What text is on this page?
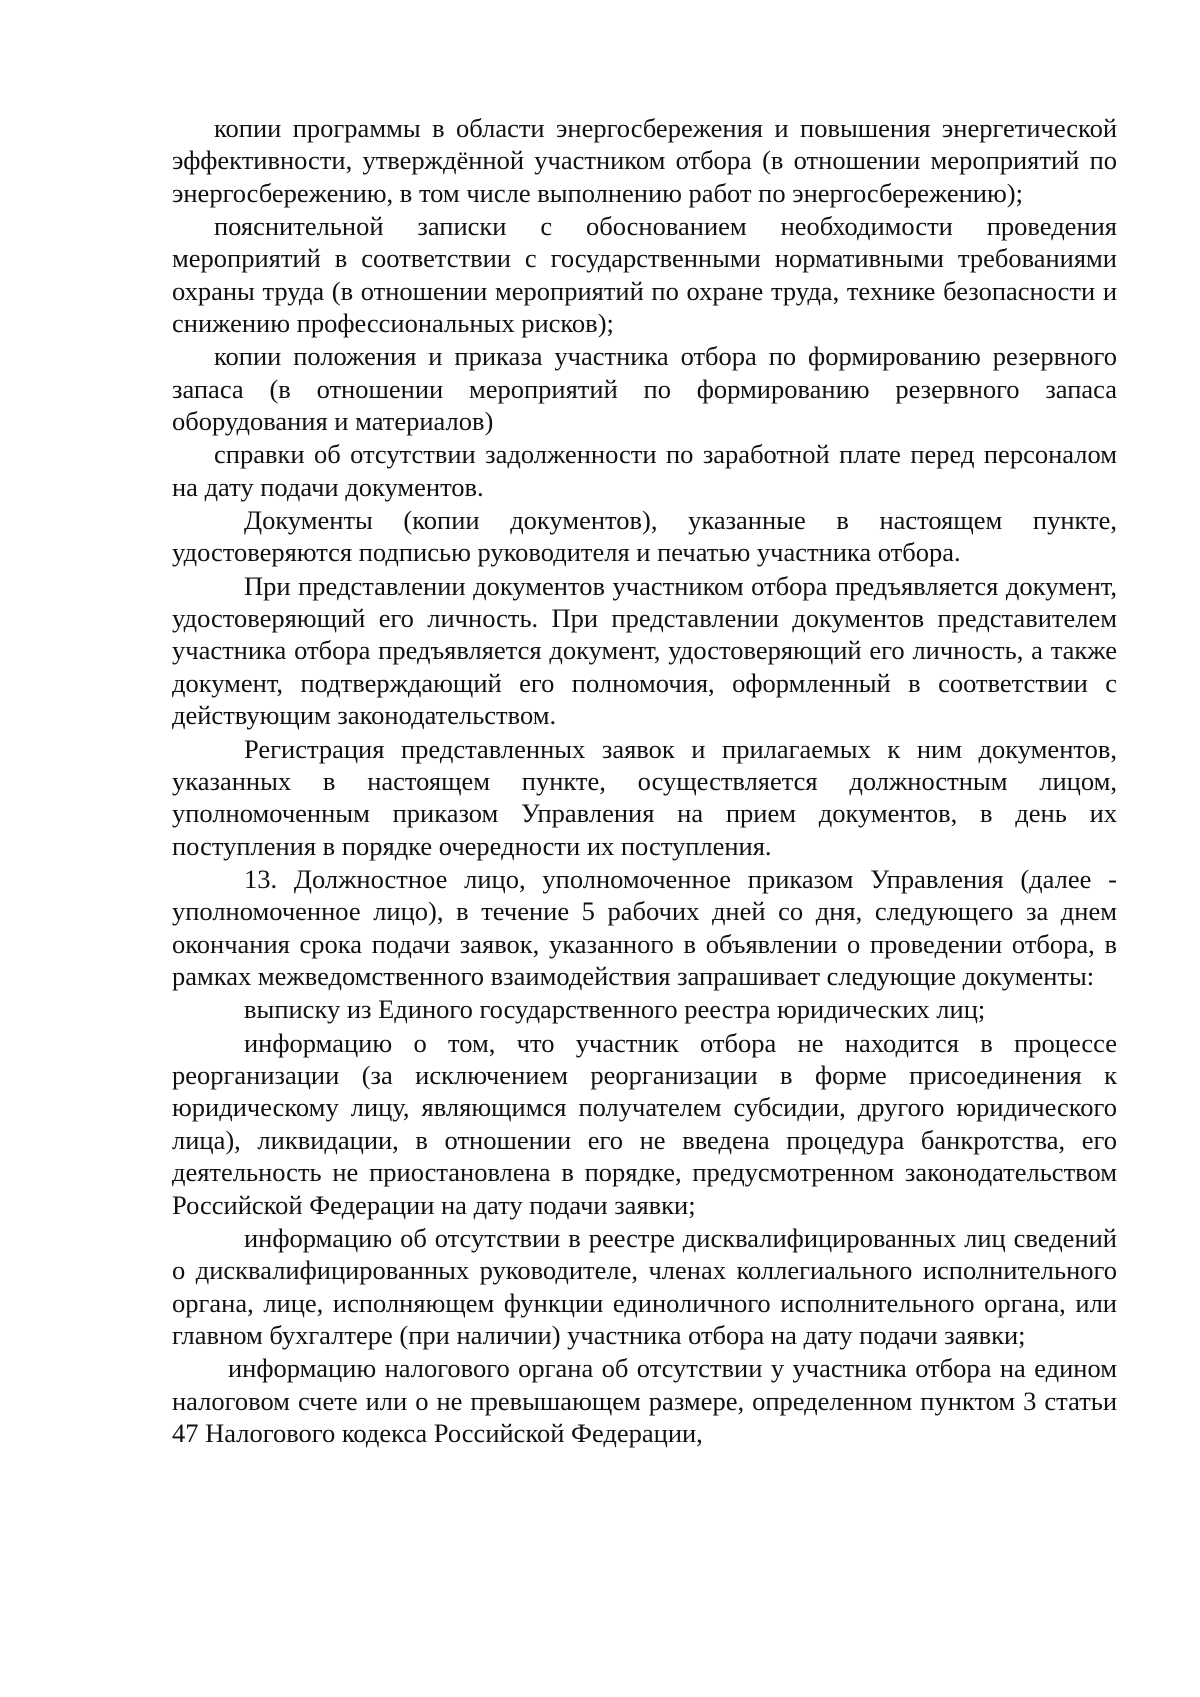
копии программы в области энергосбережения и повышения энергетической эффективности, утверждённой участником отбора (в отношении мероприятий по энергосбережению, в том числе выполнению работ по энергосбережению);

пояснительной записки с обоснованием необходимости проведения мероприятий в соответствии с государственными нормативными требованиями охраны труда (в отношении мероприятий по охране труда, технике безопасности и снижению профессиональных рисков);

копии положения и приказа участника отбора по формированию резервного запаса (в отношении мероприятий по формированию резервного запаса оборудования и материалов)

справки об отсутствии задолженности по заработной плате перед персоналом на дату подачи документов.

Документы (копии документов), указанные в настоящем пункте, удостоверяются подписью руководителя и печатью участника отбора.

При представлении документов участником отбора предъявляется документ, удостоверяющий его личность. При представлении документов представителем участника отбора предъявляется документ, удостоверяющий его личность, а также документ, подтверждающий его полномочия, оформленный в соответствии с действующим законодательством.

Регистрация представленных заявок и прилагаемых к ним документов, указанных в настоящем пункте, осуществляется должностным лицом, уполномоченным приказом Управления на прием документов, в день их поступления в порядке очередности их поступления.

13. Должностное лицо, уполномоченное приказом Управления (далее - уполномоченное лицо), в течение 5 рабочих дней со дня, следующего за днем окончания срока подачи заявок, указанного в объявлении о проведении отбора, в рамках межведомственного взаимодействия запрашивает следующие документы:

выписку из Единого государственного реестра юридических лиц;

информацию о том, что участник отбора не находится в процессе реорганизации (за исключением реорганизации в форме присоединения к юридическому лицу, являющимся получателем субсидии, другого юридического лица), ликвидации, в отношении его не введена процедура банкротства, его деятельность не приостановлена в порядке, предусмотренном законодательством Российской Федерации на дату подачи заявки;

информацию об отсутствии в реестре дисквалифицированных лиц сведений о дисквалифицированных руководителе, членах коллегиального исполнительного органа, лице, исполняющем функции единоличного исполнительного органа, или главном бухгалтере (при наличии) участника отбора на дату подачи заявки;

информацию налогового органа об отсутствии у участника отбора на едином налоговом счете или о не превышающем размере, определенном пунктом 3 статьи 47 Налогового кодекса Российской Федерации,
